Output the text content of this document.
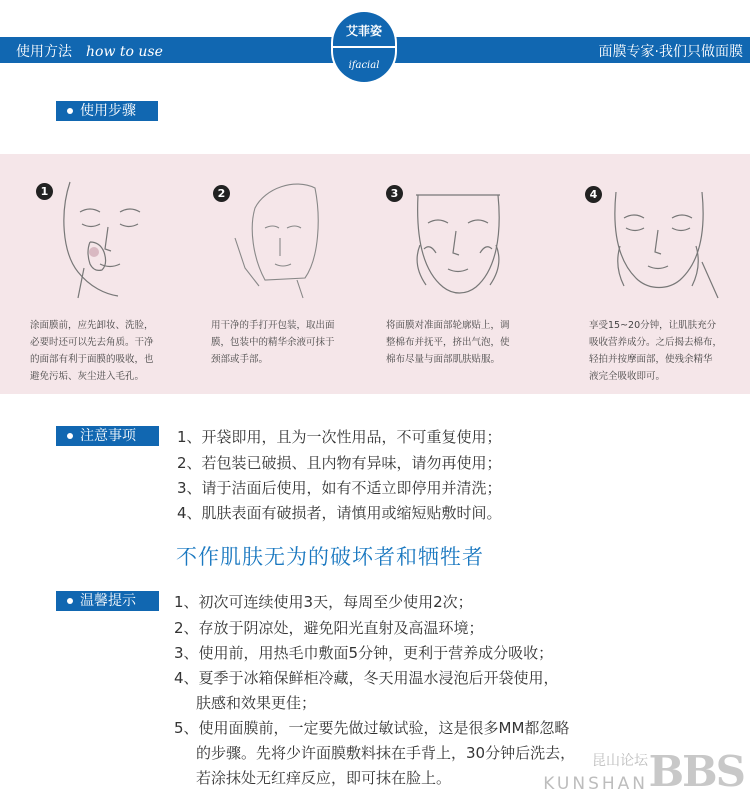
使用方法 how to use	面膜专家·我们只做面膜
艾菲姿
ifacial
使用步骤
1
涂面膜前，应先卸妆、洗脸，
必要时还可以先去角质。干净
的面部有利于面膜的吸收，也
避免污垢、灰尘进入毛孔。
2
用干净的手打开包装，取出面
膜，包装中的精华余液可抹于
颈部或手部。
3
将面膜对准面部轮廓贴上，调
整棉布并抚平，挤出气泡，使
棉布尽量与面部肌肤贴服。
4
享受15~20分钟，让肌肤充分
吸收营养成分。之后揭去棉布，
轻拍并按摩面部，使残余精华
液完全吸收即可。
注意事项	1、开袋即用，且为一次性用品，不可重复使用；
2、若包装已破损、且内物有异味，请勿再使用；
3、请于洁面后使用，如有不适立即停用并清洗；
4、肌肤表面有破损者，请慎用或缩短贴敷时间。
不作肌肤无为的破坏者和牺牲者
温馨提示	1、初次可连续使用3天，每周至少使用2次；
2、存放于阴凉处，避免阳光直射及高温环境；
3、使用前，用热毛巾敷面5分钟，更利于营养成分吸收；
4、夏季于冰箱保鲜柜冷藏，冬天用温水浸泡后开袋使用，
肤感和效果更佳；
5、使用面膜前，一定要先做过敏试验，这是很多MM都忽略
的步骤。先将少许面膜敷料抹在手背上，30分钟后洗去，
若涂抹处无红痒反应，即可抹在脸上。
昆山论坛
KUNSHAN BBS
